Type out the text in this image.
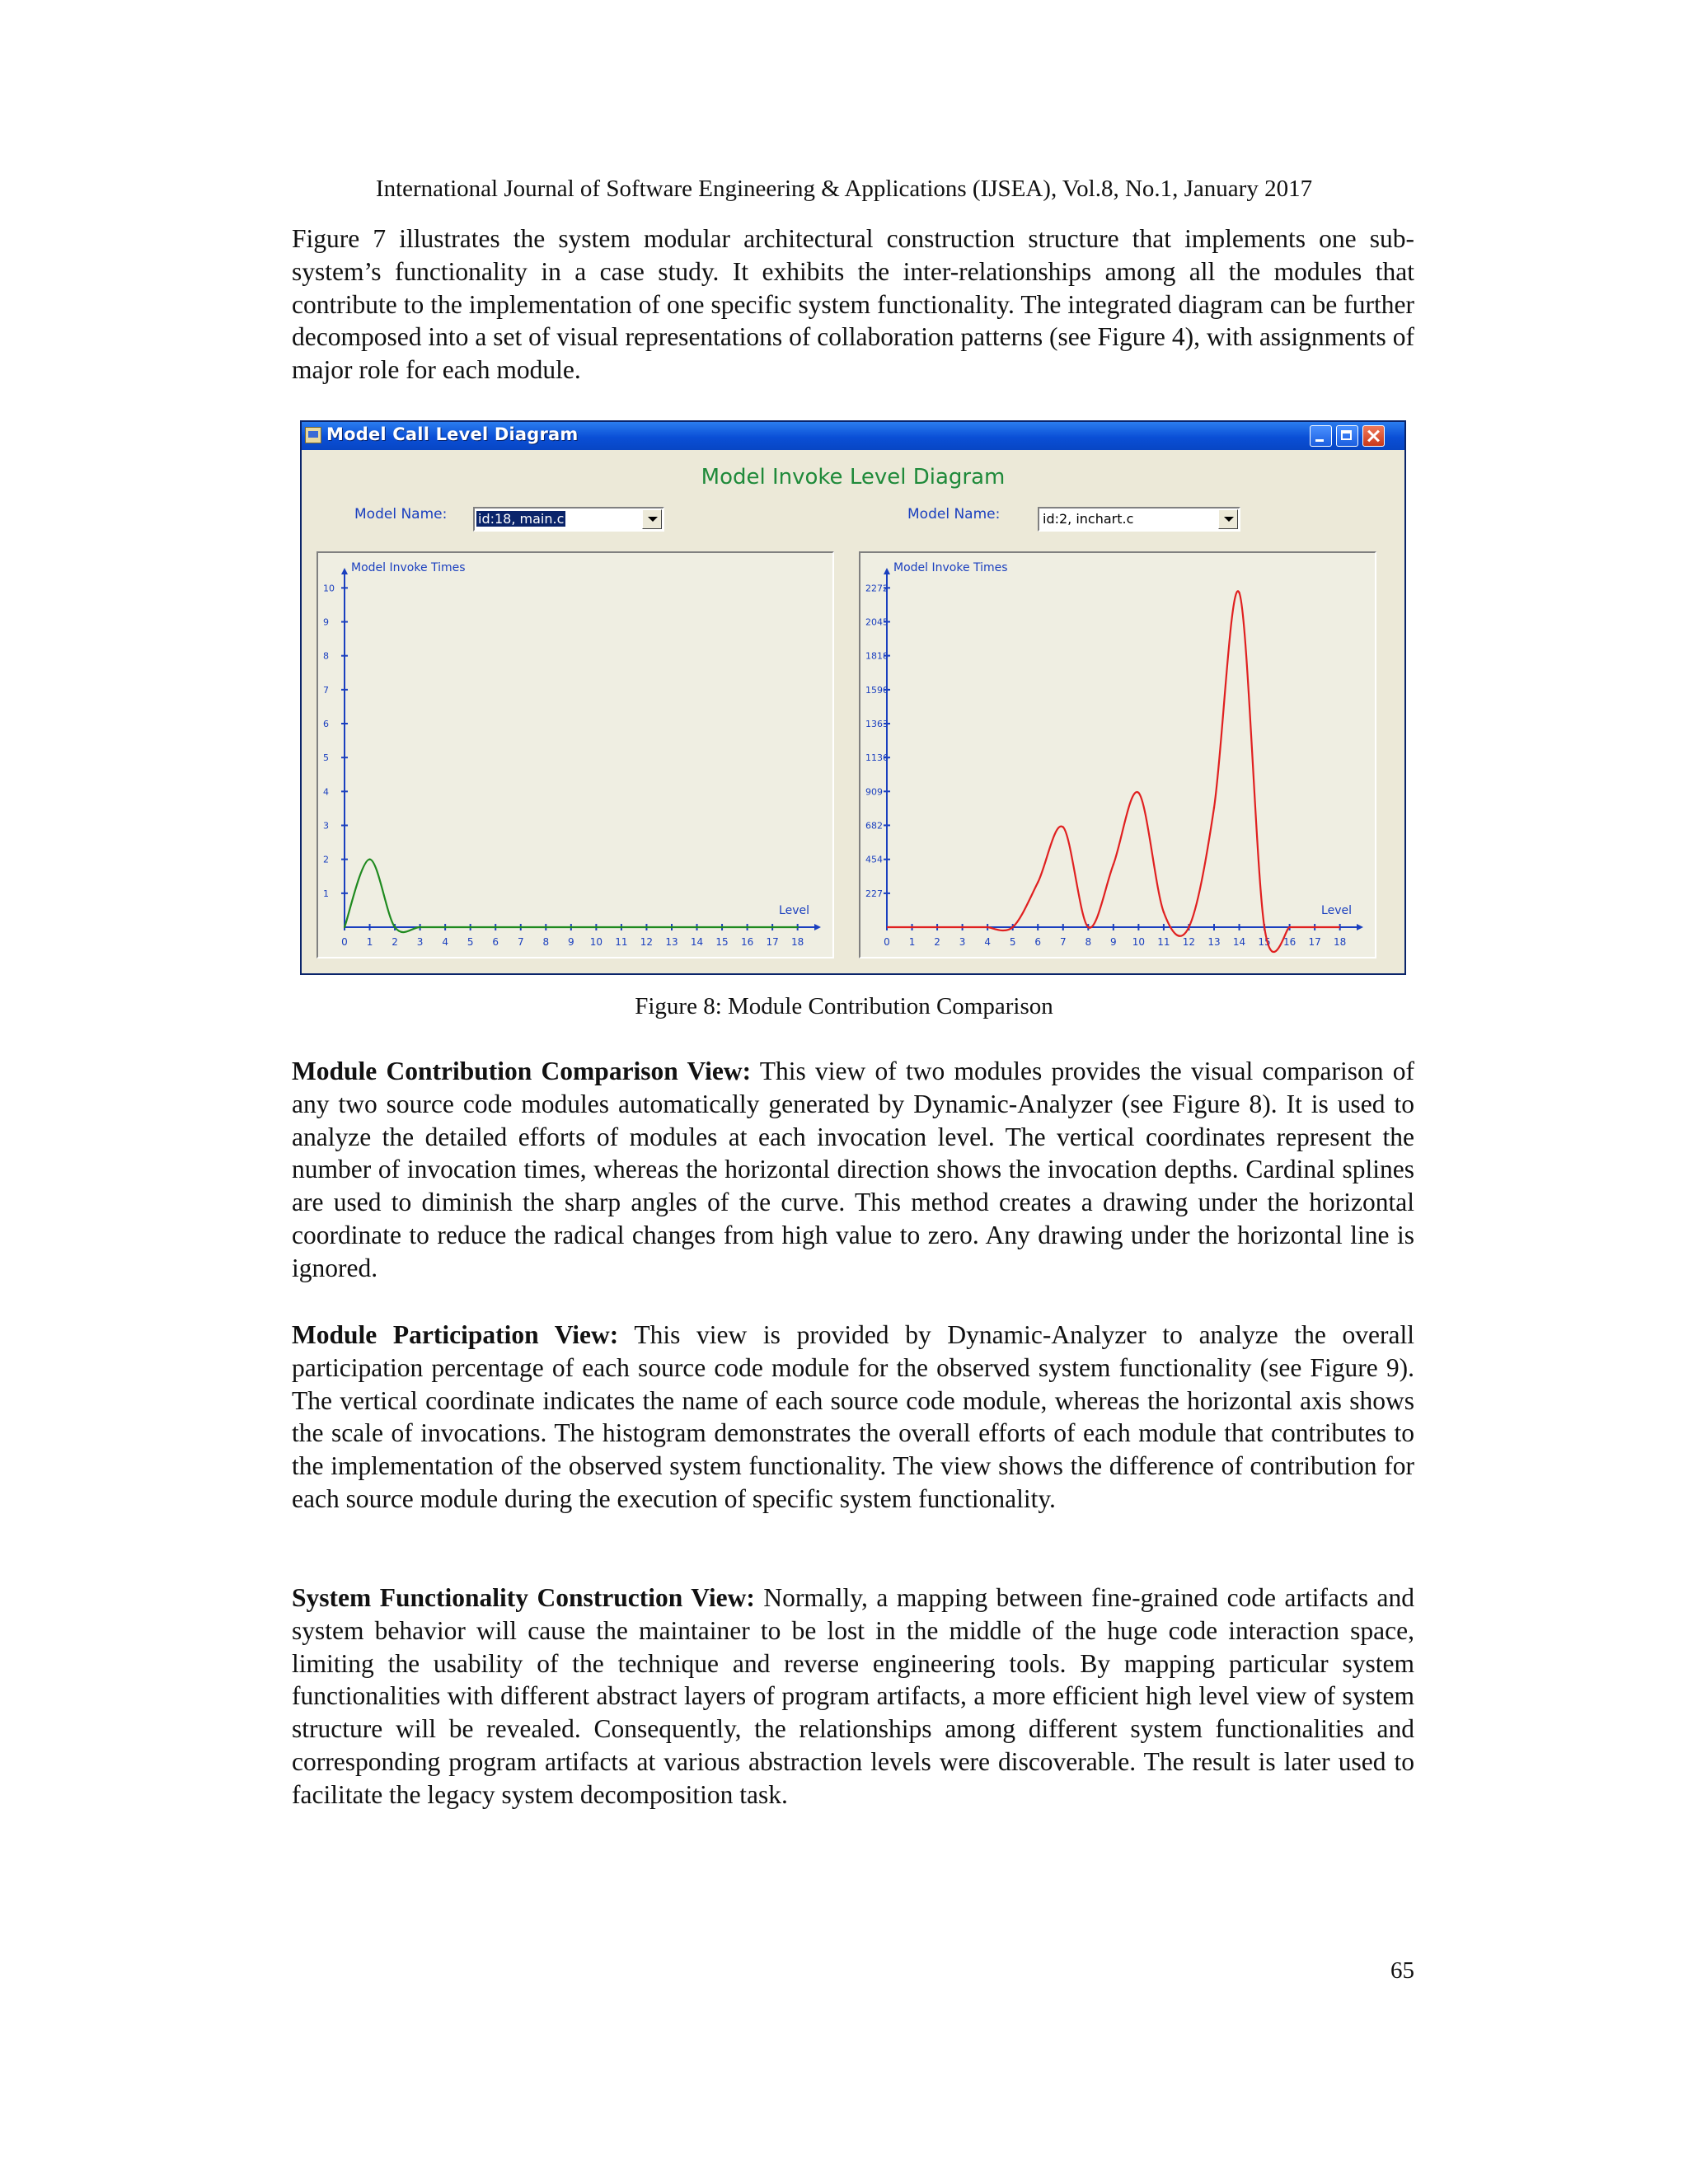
International Journal of Software Engineering & Applications (IJSEA), Vol.8, No.1, January 2017

Figure 7 illustrates the system modular architectural construction structure that implements one sub-system’s functionality in a case study. It exhibits the inter-relationships among all the modules that contribute to the implementation of one specific system functionality. The integrated diagram can be further decomposed into a set of visual representations of collaboration patterns (see Figure 4), with assignments of major role for each module.

Model Call Level Diagram
Model Invoke Level Diagram
Model Name: id:18, main.c	Model Name:	id:2, inchart.c
Model Invoke Times
Level
0 1 2 3 4 5 6 7 8 9 10 11 12 13 14 15 16 17 18
1
2
3
4
5
6
7
8
9
10
Model Invoke Times
Level
0 1 2 3 4 5 6 7 8 9 10 11 12 13 14 15 16 17 18
227
454
682
909
1136
1363
1590
1818
2045
2272
Figure 8: Module Contribution Comparison

Module Contribution Comparison View: This view of two modules provides the visual comparison of any two source code modules automatically generated by Dynamic-Analyzer (see Figure 8). It is used to analyze the detailed efforts of modules at each invocation level. The vertical coordinates represent the number of invocation times, whereas the horizontal direction shows the invocation depths. Cardinal splines are used to diminish the sharp angles of the curve. This method creates a drawing under the horizontal coordinate to reduce the radical changes from high value to zero. Any drawing under the horizontal line is ignored.

Module Participation View: This view is provided by Dynamic-Analyzer to analyze the overall participation percentage of each source code module for the observed system functionality (see Figure 9). The vertical coordinate indicates the name of each source code module, whereas the horizontal axis shows the scale of invocations. The histogram demonstrates the overall efforts of each module that contributes to the implementation of the observed system functionality. The view shows the difference of contribution for each source module during the execution of specific system functionality.

System Functionality Construction View: Normally, a mapping between fine-grained code artifacts and system behavior will cause the maintainer to be lost in the middle of the huge code interaction space, limiting the usability of the technique and reverse engineering tools. By mapping particular system functionalities with different abstract layers of program artifacts, a more efficient high level view of system structure will be revealed. Consequently, the relationships among different system functionalities and corresponding program artifacts at various abstraction levels were discoverable. The result is later used to facilitate the legacy system decomposition task.

65
